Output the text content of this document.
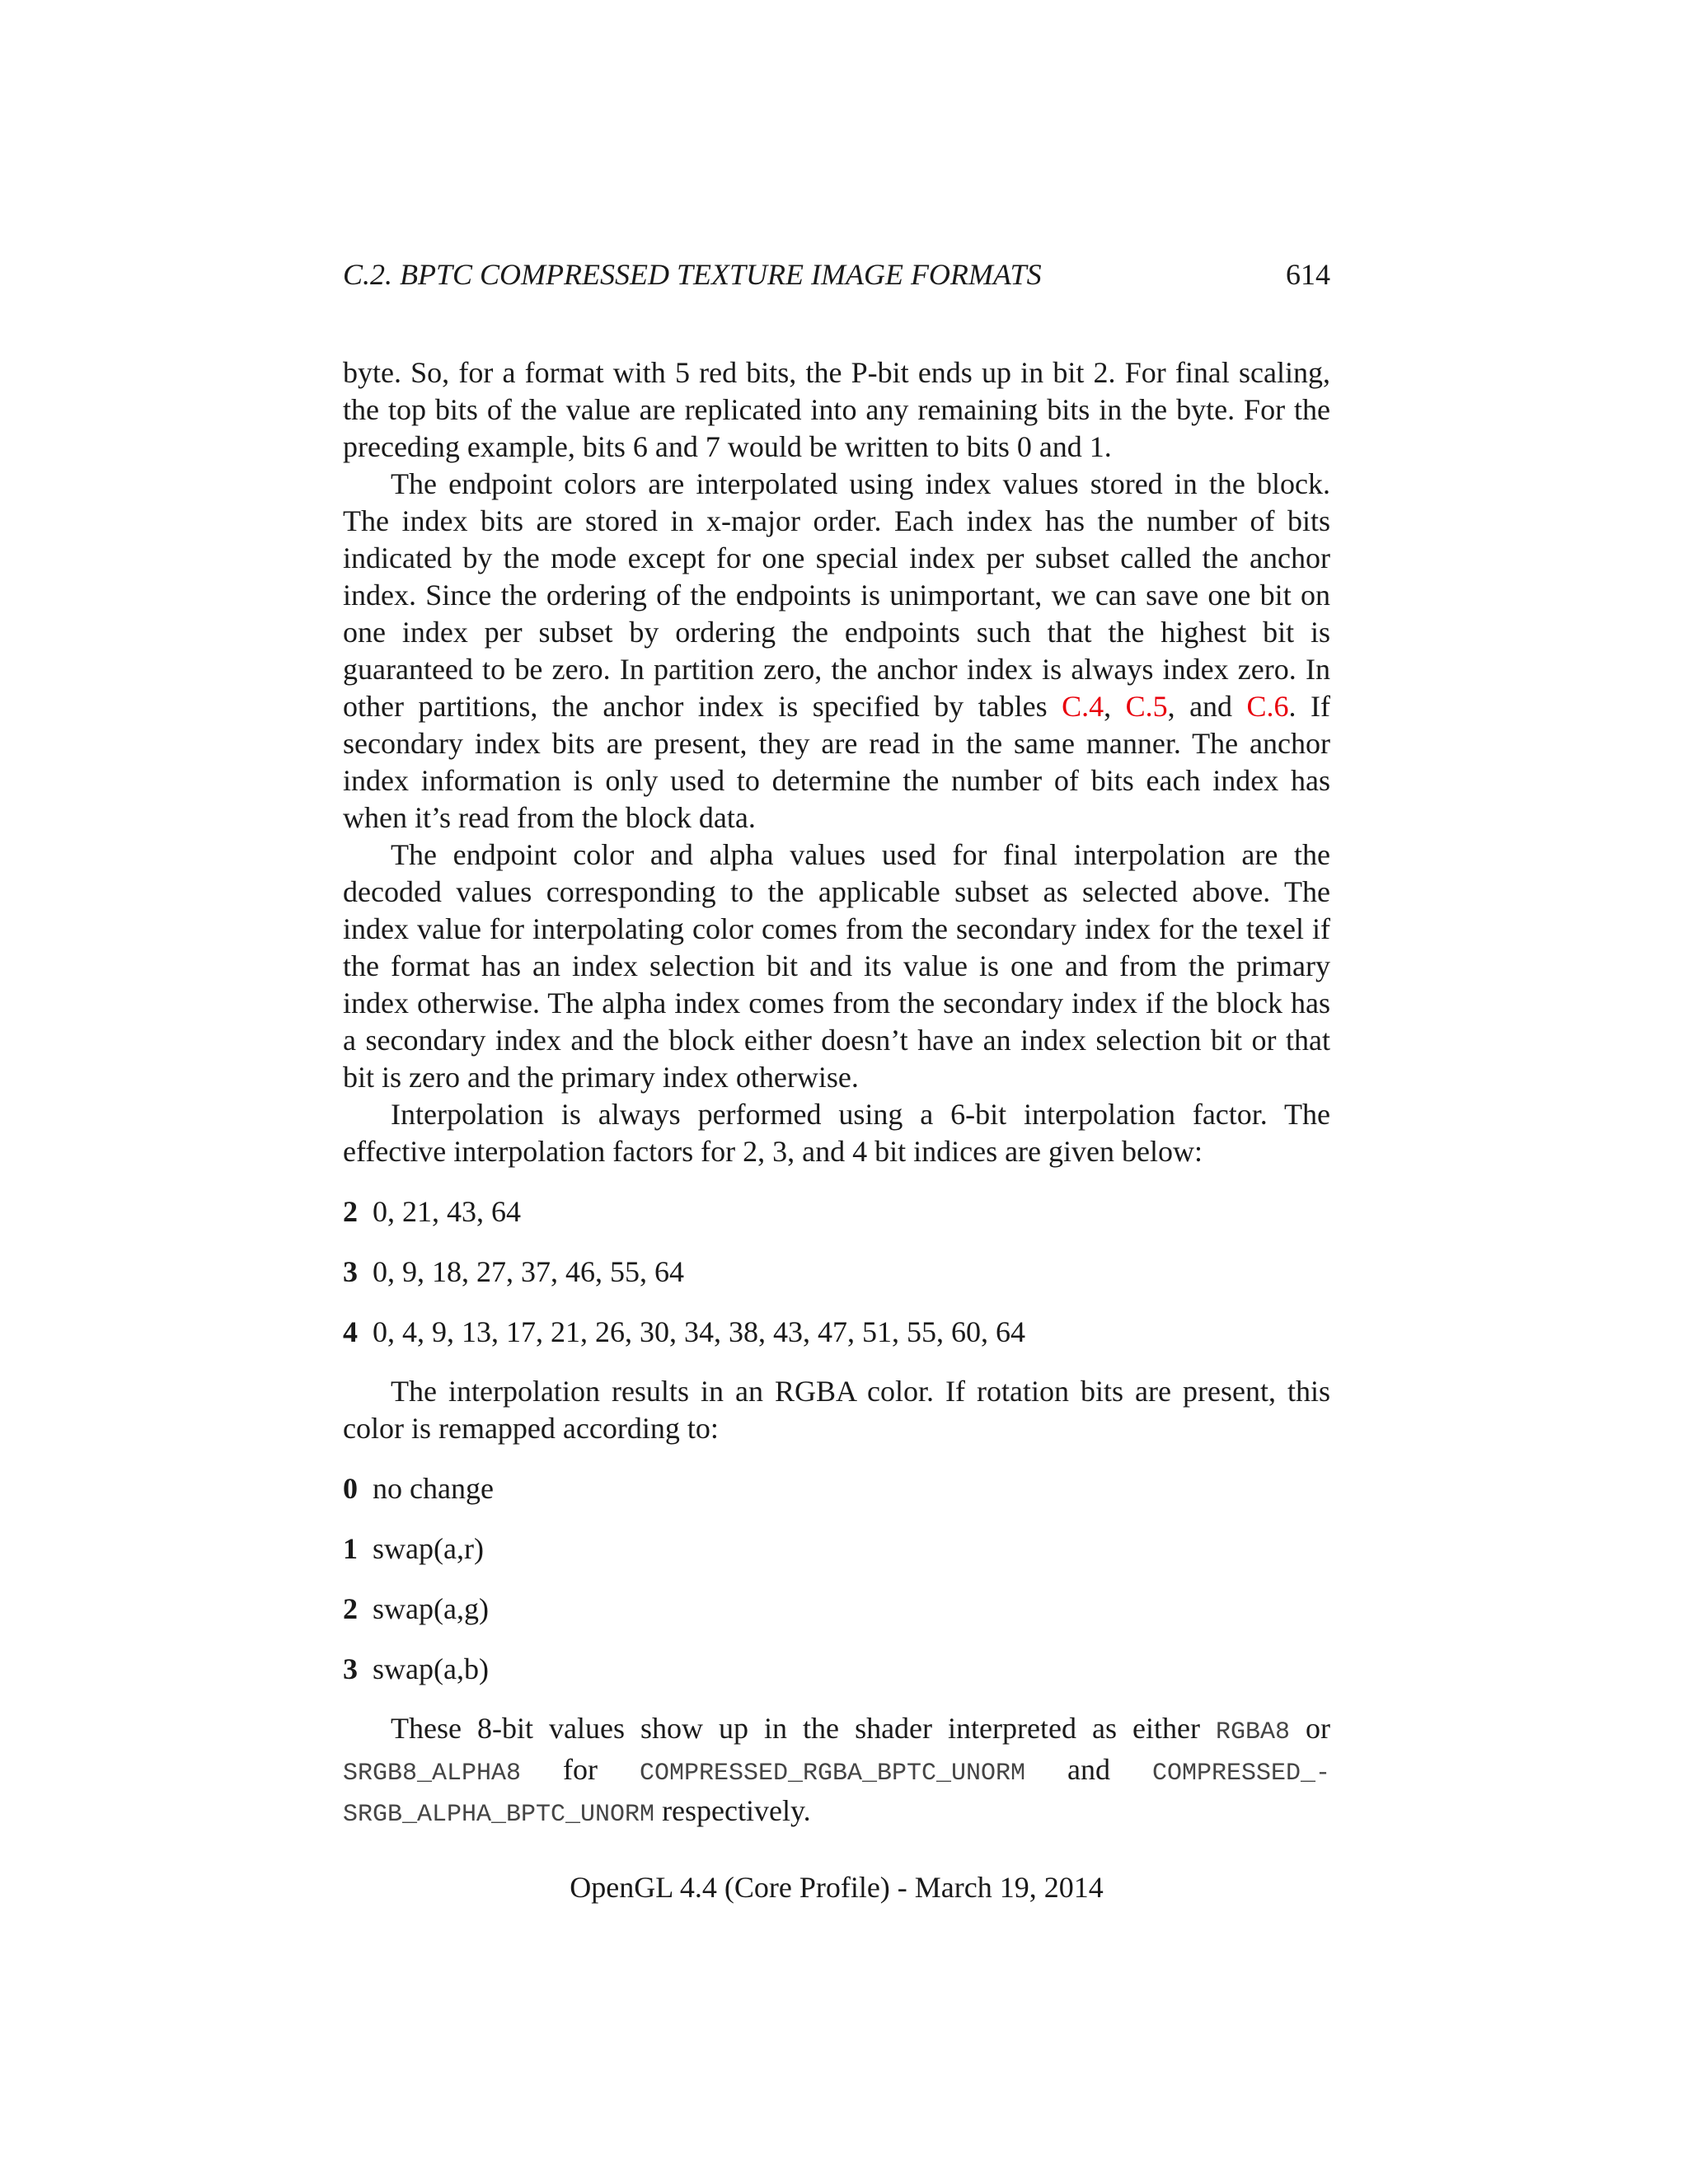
C.2. BPTC COMPRESSED TEXTURE IMAGE FORMATS	614

byte. So, for a format with 5 red bits, the P-bit ends up in bit 2. For final scaling, the top bits of the value are replicated into any remaining bits in the byte. For the preceding example, bits 6 and 7 would be written to bits 0 and 1.

The endpoint colors are interpolated using index values stored in the block. The index bits are stored in x-major order. Each index has the number of bits indicated by the mode except for one special index per subset called the anchor index. Since the ordering of the endpoints is unimportant, we can save one bit on one index per subset by ordering the endpoints such that the highest bit is guaranteed to be zero. In partition zero, the anchor index is always index zero. In other partitions, the anchor index is specified by tables C.4, C.5, and C.6. If secondary index bits are present, they are read in the same manner. The anchor index information is only used to determine the number of bits each index has when it’s read from the block data.

The endpoint color and alpha values used for final interpolation are the decoded values corresponding to the applicable subset as selected above. The index value for interpolating color comes from the secondary index for the texel if the format has an index selection bit and its value is one and from the primary index otherwise. The alpha index comes from the secondary index if the block has a secondary index and the block either doesn’t have an index selection bit or that bit is zero and the primary index otherwise.

Interpolation is always performed using a 6-bit interpolation factor. The effective interpolation factors for 2, 3, and 4 bit indices are given below:

2 0, 21, 43, 64
3 0, 9, 18, 27, 37, 46, 55, 64
4 0, 4, 9, 13, 17, 21, 26, 30, 34, 38, 43, 47, 51, 55, 60, 64

The interpolation results in an RGBA color. If rotation bits are present, this color is remapped according to:

0 no change
1 swap(a,r)
2 swap(a,g)
3 swap(a,b)

These 8-bit values show up in the shader interpreted as either RGBA8 or SRGB8_ALPHA8 for COMPRESSED_RGBA_BPTC_UNORM and COMPRESSED_-SRGB_ALPHA_BPTC_UNORM respectively.

OpenGL 4.4 (Core Profile) - March 19, 2014
